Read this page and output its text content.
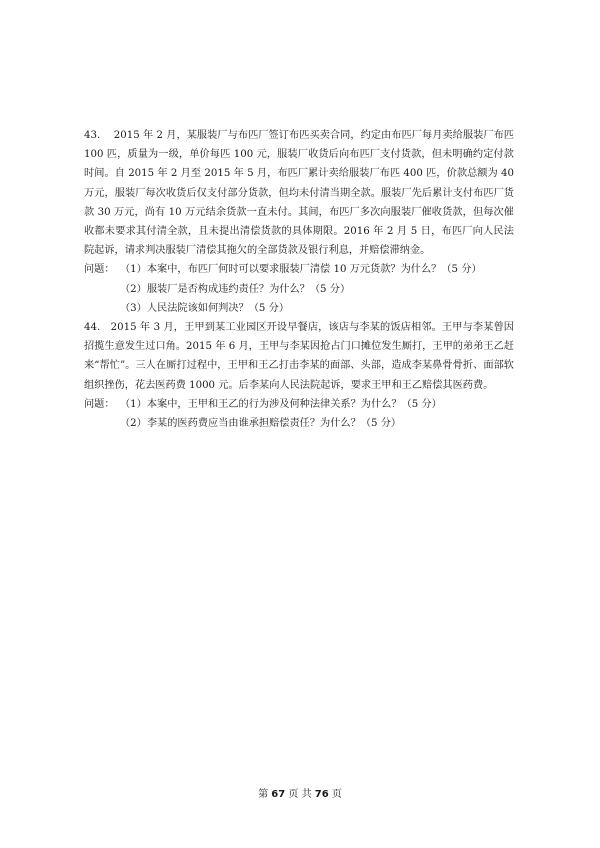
43.　 2015 年 2 月，某服装厂与布匹厂签订布匹买卖合同，约定由布匹厂每月卖给服装厂布匹 100 匹，质量为一级，单价每匹 100 元，服装厂收货后向布匹厂支付货款，但未明确约定付款时间。自 2015 年 2 月至 2015 年 5 月，布匹厂累计卖给服装厂布匹 400 匹，价款总额为 40 万元，服装厂每次收货后仅支付部分货款，但均未付清当期全款。服装厂先后累计支付布匹厂货款 30 万元，尚有 10 万元结余货款一直未付。其间，布匹厂多次向服装厂催收货款，但每次催收都未要求其付清全款，且未提出清偿货款的具体期限。2016 年 2 月 5 日，布匹厂向人民法院起诉，请求判决服装厂清偿其拖欠的全部货款及银行利息，并赔偿滞纳金。

问题： （1）本案中，布匹厂何时可以要求服装厂清偿 10 万元货款？为什么？（5 分）

（2）服装厂是否构成违约责任？为什么？（5 分）

（3）人民法院该如何判决？（5 分）

44.　2015 年 3 月，王甲到某工业园区开设早餐店，该店与李某的饭店相邻。王甲与李某曾因招揽生意发生过口角。2015 年 6 月，王甲与李某因抢占门口摊位发生厮打，王甲的弟弟王乙赶来“帮忙”。三人在厮打过程中，王甲和王乙打击李某的面部、头部，造成李某鼻骨骨折、面部软组织挫伤，花去医药费 1000 元。后李某向人民法院起诉，要求王甲和王乙赔偿其医药费。

问题： （1）本案中，王甲和王乙的行为涉及何种法律关系？为什么？（5 分）

（2）李某的医药费应当由谁承担赔偿责任？为什么？（5 分）

第 67 页 共 76 页
